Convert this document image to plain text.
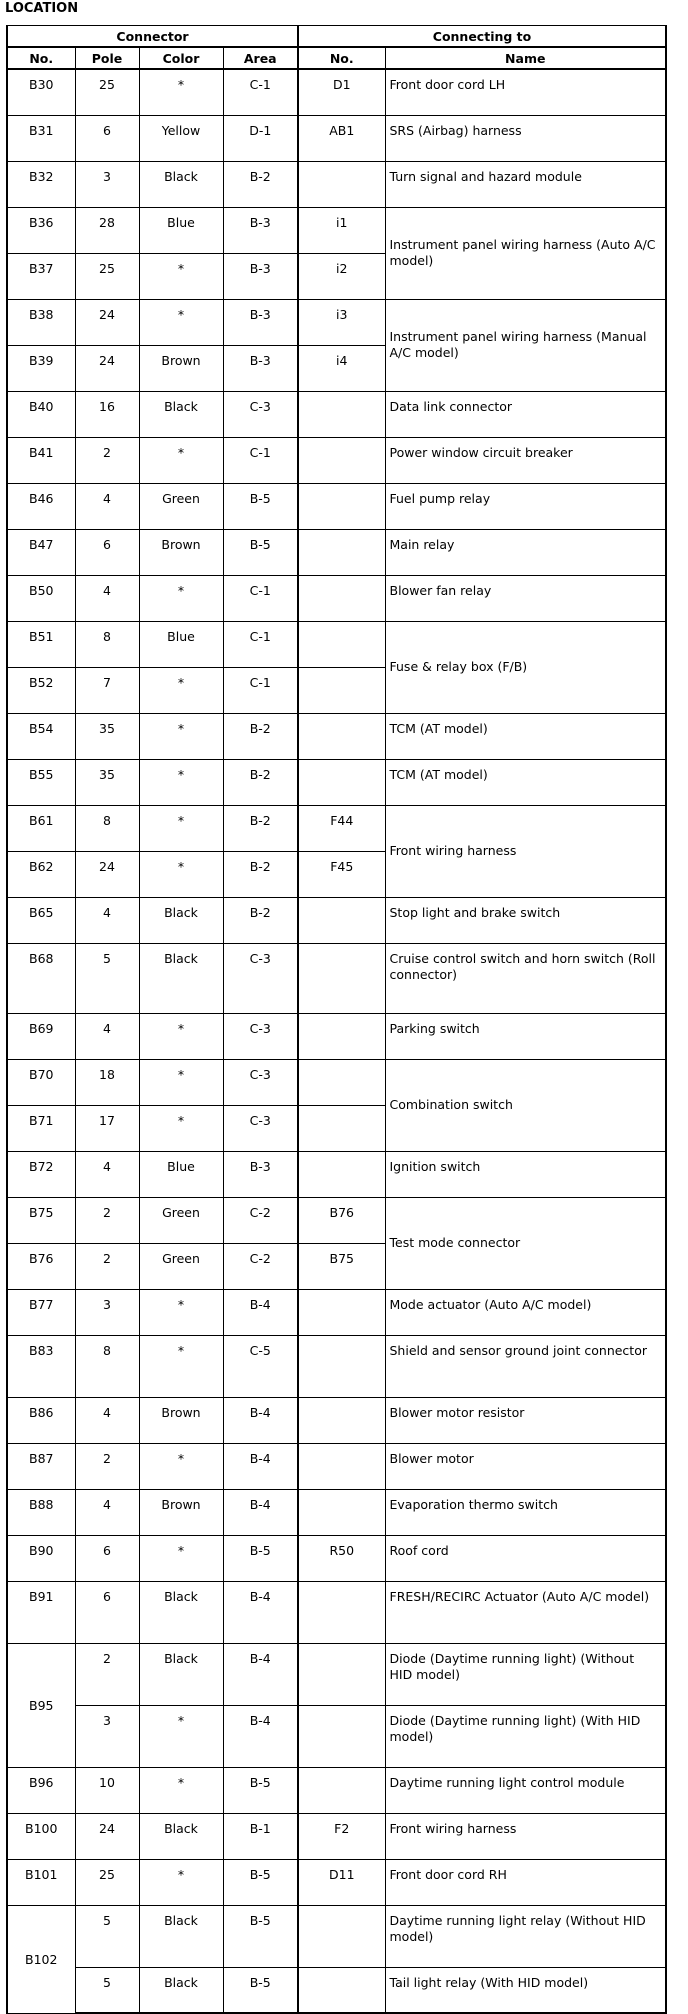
LOCATION
Connector				Connecting to	
No.	Pole	Color	Area	No.	Name
B30	25	*	C-1	D1	Front door cord LH
B31	6	Yellow	D-1	AB1	SRS (Airbag) harness
B32	3	Black	B-2		Turn signal and hazard module
B36	28	Blue	B-3	i1	Instrument panel wiring harness (Auto A/C model)
B37	25	*	B-3	i2	
B38	24	*	B-3	i3	Instrument panel wiring harness (Manual A/C model)
B39	24	Brown	B-3	i4	
B40	16	Black	C-3		Data link connector
B41	2	*	C-1		Power window circuit breaker
B46	4	Green	B-5		Fuel pump relay
B47	6	Brown	B-5		Main relay
B50	4	*	C-1		Blower fan relay
B51	8	Blue	C-1		Fuse & relay box (F/B)
B52	7	*	C-1		
B54	35	*	B-2		TCM (AT model)
B55	35	*	B-2		TCM (AT model)
B61	8	*	B-2	F44	Front wiring harness
B62	24	*	B-2	F45	
B65	4	Black	B-2		Stop light and brake switch
B68	5	Black	C-3		Cruise control switch and horn switch (Roll connector)
B69	4	*	C-3		Parking switch
B70	18	*	C-3		Combination switch
B71	17	*	C-3		
B72	4	Blue	B-3		Ignition switch
B75	2	Green	C-2	B76	Test mode connector
B76	2	Green	C-2	B75	
B77	3	*	B-4		Mode actuator (Auto A/C model)
B83	8	*	C-5		Shield and sensor ground joint connector
B86	4	Brown	B-4		Blower motor resistor
B87	2	*	B-4		Blower motor
B88	4	Brown	B-4		Evaporation thermo switch
B90	6	*	B-5	R50	Roof cord
B91	6	Black	B-4		FRESH/RECIRC Actuator (Auto A/C model)
B95	2	Black	B-4		Diode (Daytime running light) (Without HID model)
	3	*	B-4		Diode (Daytime running light) (With HID model)
B96	10	*	B-5		Daytime running light control module
B100	24	Black	B-1	F2	Front wiring harness
B101	25	*	B-5	D11	Front door cord RH
B102	5	Black	B-5		Daytime running light relay (Without HID model)
	5	Black	B-5		Tail light relay (With HID model)
